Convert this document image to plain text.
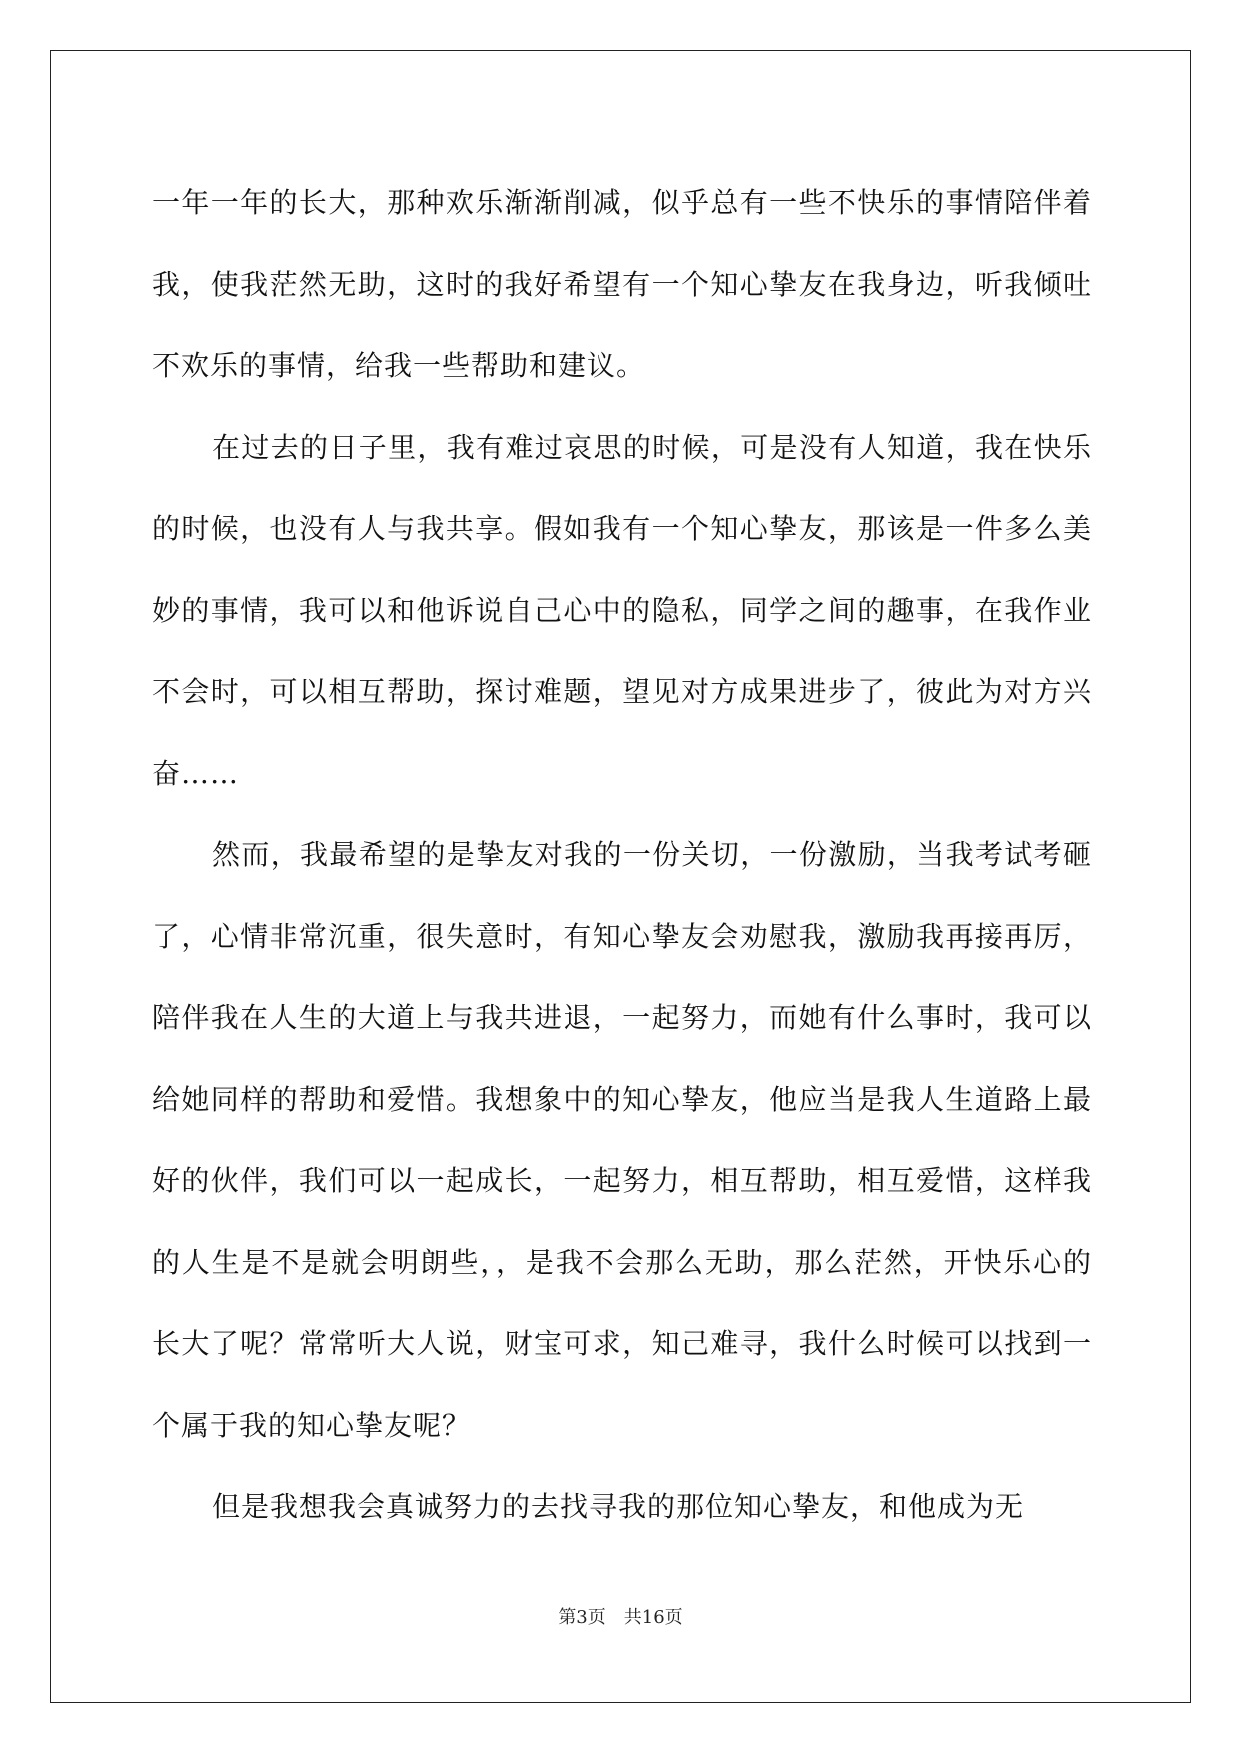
一年一年的长大，那种欢乐渐渐削减，似乎总有一些不快乐的事情陪伴着我，使我茫然无助，这时的我好希望有一个知心挚友在我身边，听我倾吐不欢乐的事情，给我一些帮助和建议。

在过去的日子里，我有难过哀思的时候，可是没有人知道，我在快乐的时候，也没有人与我共享。假如我有一个知心挚友，那该是一件多么美妙的事情，我可以和他诉说自己心中的隐私，同学之间的趣事，在我作业不会时，可以相互帮助，探讨难题，望见对方成果进步了，彼此为对方兴奋……

然而，我最希望的是挚友对我的一份关切，一份激励，当我考试考砸了，心情非常沉重，很失意时，有知心挚友会劝慰我，激励我再接再厉，陪伴我在人生的大道上与我共进退，一起努力，而她有什么事时，我可以给她同样的帮助和爱惜。我想象中的知心挚友，他应当是我人生道路上最好的伙伴，我们可以一起成长，一起努力，相互帮助，相互爱惜，这样我的人生是不是就会明朗些，，是我不会那么无助，那么茫然，开快乐心的长大了呢？常常听大人说，财宝可求，知己难寻，我什么时候可以找到一个属于我的知心挚友呢？

但是我想我会真诚努力的去找寻我的那位知心挚友，和他成为无

第3页　共16页
